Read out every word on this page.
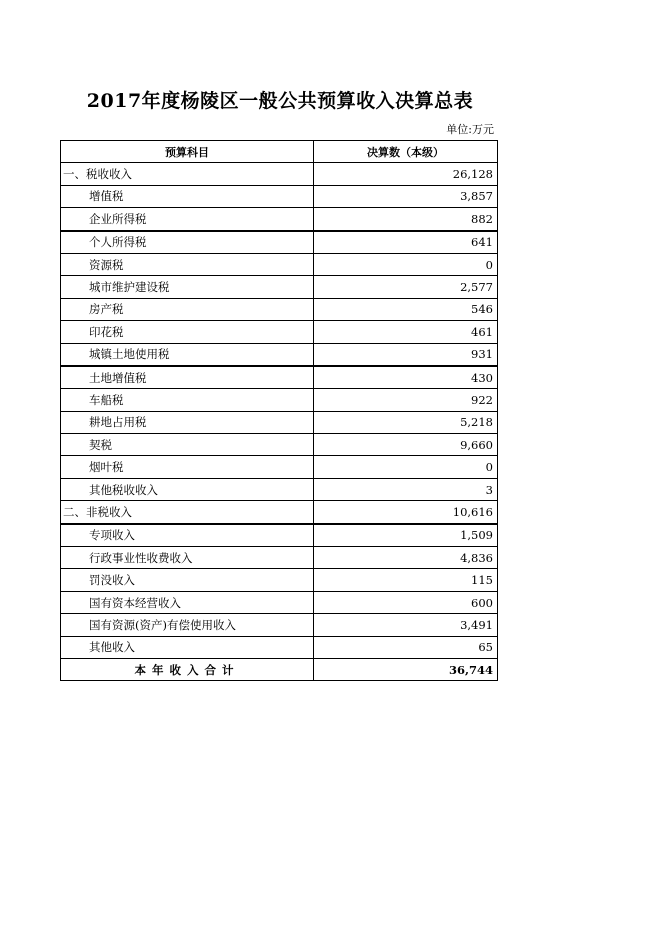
2017年度杨陵区一般公共预算收入决算总表
单位:万元
预算科目	决算数（本级）
一、税收收入	26,128
增值税	3,857
企业所得税	882
个人所得税	641
资源税	0
城市维护建设税	2,577
房产税	546
印花税	461
城镇土地使用税	931
土地增值税	430
车船税	922
耕地占用税	5,218
契税	9,660
烟叶税	0
其他税收收入	3
二、非税收入	10,616
专项收入	1,509
行政事业性收费收入	4,836
罚没收入	115
国有资本经营收入	600
国有资源(资产)有偿使用收入	3,491
其他收入	65
本年收入合计	36,744
